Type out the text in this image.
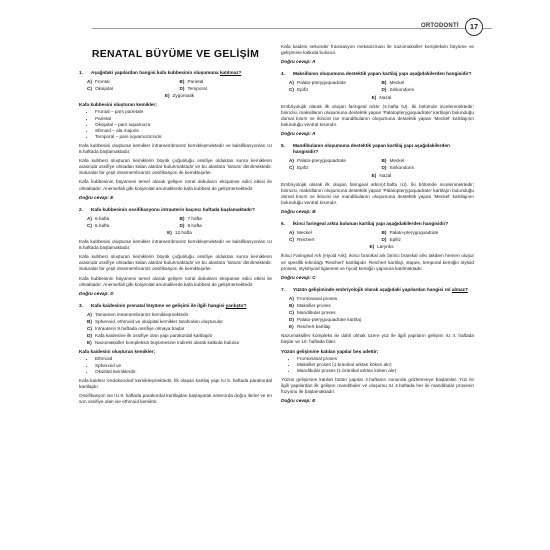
ORTODONTİ	17
RENATAL BÜYÜME VE GELİŞİM
1.	Aşağıdaki yapılardan hangisi kafa kubbesinin oluşumuna katılmaz?
A) Frontal	B) Parietal
C) Oksipital	D) Temporal
E) Zygomatik
Kafa kubbesini oluşturan kemikler;
• Frontal – pars parietale
• Parietal
• Oksipital – pars squamoza
• Sfenoid – ala majoris
• Temporal – pars squamoza'sıdır.

Kafa kubbesini oluşturan kemikler intramembranöz kemikleşmektedir ve kalsifikasyonları IU 8.haftada başlamaktadır.

Kafa kubbesi oluşturan kemiklerin büyük çoğunluğu ossifiye olduktan sonra kemiklerin arasında ossifiye olmadan kalan alanlar bulunmaktadır ve bu alanlara 'sütura' denilmektedir. Süturalar bir çeşit intramembranöz ossifikasyon ile kemikleşirler.

Kafa kubbesinin büyümesi temel olarak gelişen nöral dokuların ekspanse edici etkisi ile olmaktadır. Anensefali gibi konjenital anomalilerde kafa kubbesi de gelişmemektedir.

Doğru cevap: E
2.	Kafa kubbesinin ossifikasyonu intrauterin kaçıncı haftada başlamaktadır?
A) 6.hafta	B) 7.hafta
C) 5.hafta	D) 8.hafta
E) 12.hafta

Kafa kubbesini oluşturan kemikler intramembranöz kemikleşmektedir ve kalsifikasyonları IU 8.haftada başlamaktadır.

Kafa kubbesi oluşturan kemiklerin büyük çoğunluğu ossifiye olduktan sonra kemiklerin arasında ossifiye olmadan kalan alanlar bulunmaktadır ve bu alanlara 'sütura' denilmektedir. Süturalar bir çeşit intramembranöz ossifikasyon ile kemikleşirler.

Kafa kubbesinin büyümesi temel olarak gelişen nöral dokuların ekspanse edici etkisi ile olmaktadır. Anensefali gibi konjenital anomalilerde kafa kubbesi de gelişmemektedir.

Doğru cevap: D
3.	Kafa kaidesinin prenatal büyüme ve gelişimi ile ilgili hangisi yanlıştır?
A) Tamamen intramembranöz kemikleşmektedir
B) Sphenoid, ethmoid ve oksipital kemikler tarafından oluşturulur
C) İntrauterin 8.haftada ossifiye olmaya başlar
D) Kafa kaidesine ilk ossifiye olan yapı parakordal kartilajdır
E) Nazomaksiller kompleksin büyümesine indirekt olarak katkıda bulunur
Kafa kaidesini oluşturan kemikler;
• Ethmoid
• Sphenoid ve
• Oksitital kemiklerdir.

Kafa kaidesi 'endokondral' kemikleşmektedir. İlk olaşan kartilaj yapı IU 6. haftada parakordal kartilajdır.

Ossifikasyon ise IU 9. haftada parakordal kartilajdan başlayarak anterorda doğru ilerler ve en son ossifiye olan ise ethmoid kemiktir.

Kafa kaidesi sekonder fransiasyon mekanizması ile nazomaksiller kompleksin büyüme ve gelişimine katkıda bulunur.

Doğru cevap: A
4.	Maksillanın oluşumuna destektik yapan kartilaj yapı aşağıdakilerden hangisidir?
A) Palato-pterygoquadrate	B) Meckel
C) Epifiz	D) Sinkondoris
E) Nazal

Embriyolojik olarak ilk oluşan faringeal arklır (4.hafta IU). İki bölümde incelenmektedir; birincisi, maksillanın oluşumuna destektik yapan 'Palatopterygoquadrate' kartilajın bulunduğu dorsal kısım ve ikincisi ise mandibulanın oluşumuna destektik yapan 'Meckel' kartilajının bulunduğu ventral kısımdır.

Doğru cevap: A
5.	Mandibulanın oluşumuna destektik yapan kartilaj yapı aşağıdakilerden hangisidir?
A) Palato-pterygoquadrate	B) Meckel
C) Epifiz	D) Sinkondoris
E) Nazal

Embriyolojik olarak ilk oluşan faringeal arklır(4.hafta IU). İki bölümde incelenmektedir; birincisi, maksillanın oluşumuna destektik yapan 'Palatopterygoquadrate' kartilajın bulunduğu dorsal kısım ve ikincisi ise mandibulanın oluşumuna destektik yapan 'Meckel' kartilajının bulunduğu ventral kısımdır.

Doğru cevap: B
6.	İkinci faringeal arkta bulunan kartilaj yapı aşağıdakilerden hangisidir?
A) Meckel	B) Palato-pterygoquadrate
C) Reichert	D) Epifiz
E) Larynks

İkinci Faringeal Ark (Hyoid Ark); ikinci branikal ark birinci branikal arkı takiben hemen oluşur ve spesifik kıkırdağı 'Reichert' kartilajıdır. Reichert kartilajı, stapes, temporal kemiğin styloid prosesi, stylohyoid ligament ve hyoid kemiğin yapısına katılmaktadır.

Doğru cevap: C
7.	Yüzün gelişiminde embriyolojik olarak aşağıdaki yapılardan hangisi rol almaz?
A) Frontonasal proses
B) Maksiller proses
C) Mandibular proses
D) Palato-pterygoquadrate kartilaj
E) Reichert kartilajı

Nazomaksiller kompleks ile dahil olmak üzere yüz ile ilgili yapıların gelişimi IU 4. haftada başlar ve 10. haftada biter.

Yüzün gelişimine katılan yapılar beş adettir;
• Frontonasal proses
• Maksiller proses (1.branikal arktan köken alır)
• Mandibular proses (1.branikal arktan köken alır)

Yüzün gelişimine katılan bütün yapılar 4.haftanın sonunda gözlenmeye başlanılar. Yüz ile ilgili yapılardan ilk gelişen mandibuler ve oluşumu IU 4.haftada her iki mandibular prosesin füzyonu ile başlamaktadır.

Doğru cevap: E
